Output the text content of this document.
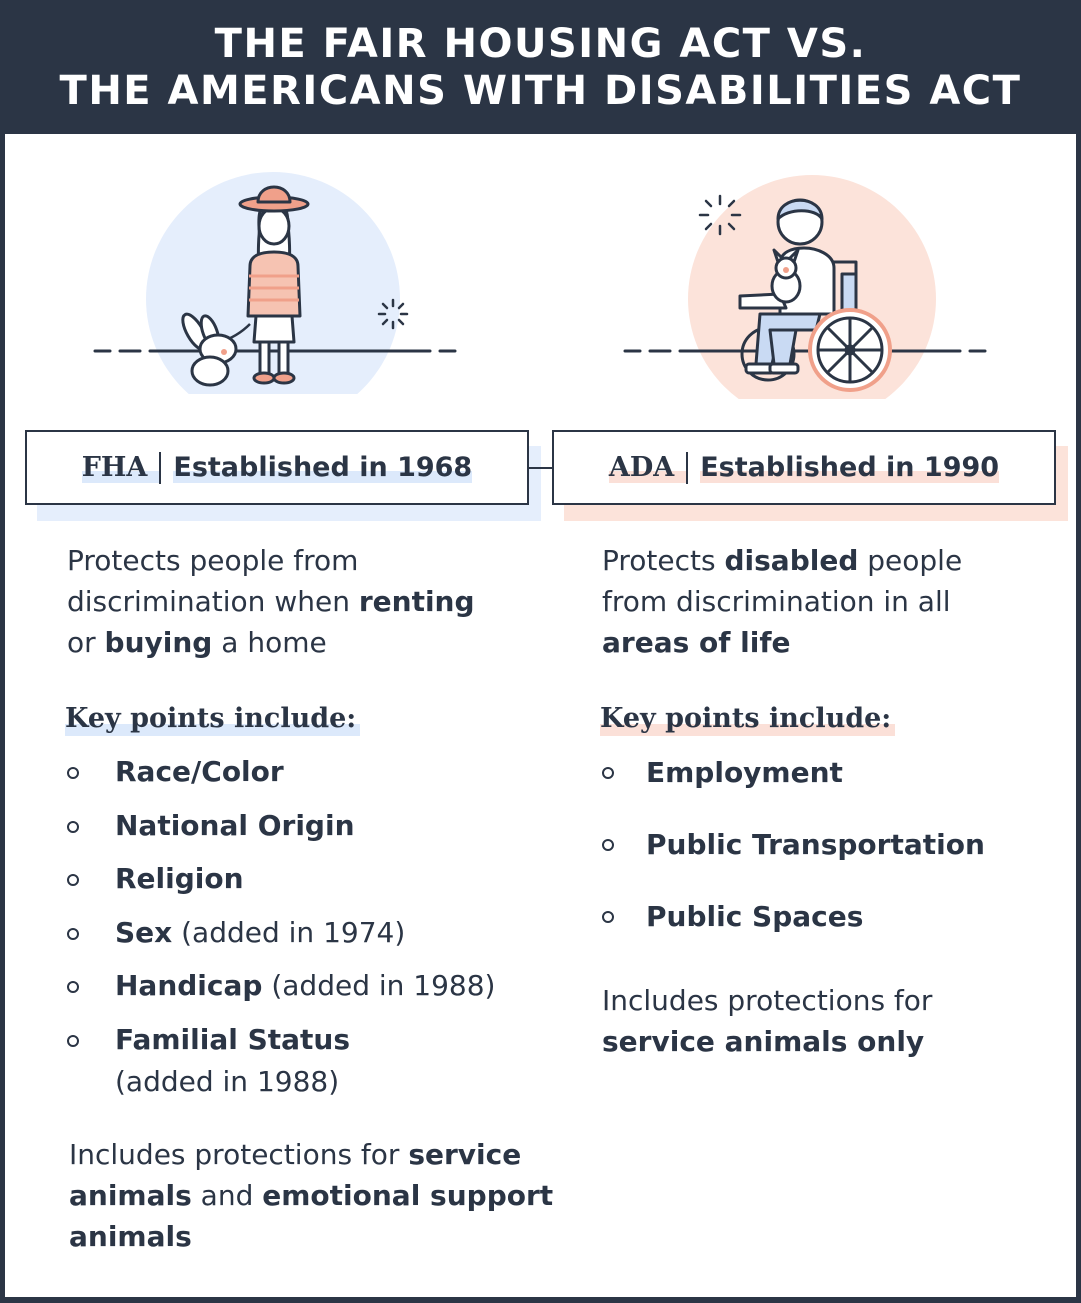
THE FAIR HOUSING ACT VS.
THE AMERICANS WITH DISABILITIES ACT
FHA Established in 1968	ADA Established in 1990
Protects people from discrimination when renting or buying a home
Protects disabled people from discrimination in all areas of life
Key points include:	Key points include:
Race/Color
National Origin
Religion
Sex (added in 1974)
Handicap (added in 1988)
Familial Status
(added in 1988)
Employment
Public Transportation
Public Spaces
Includes protections for service animals and emotional support animals
Includes protections for service animals only
